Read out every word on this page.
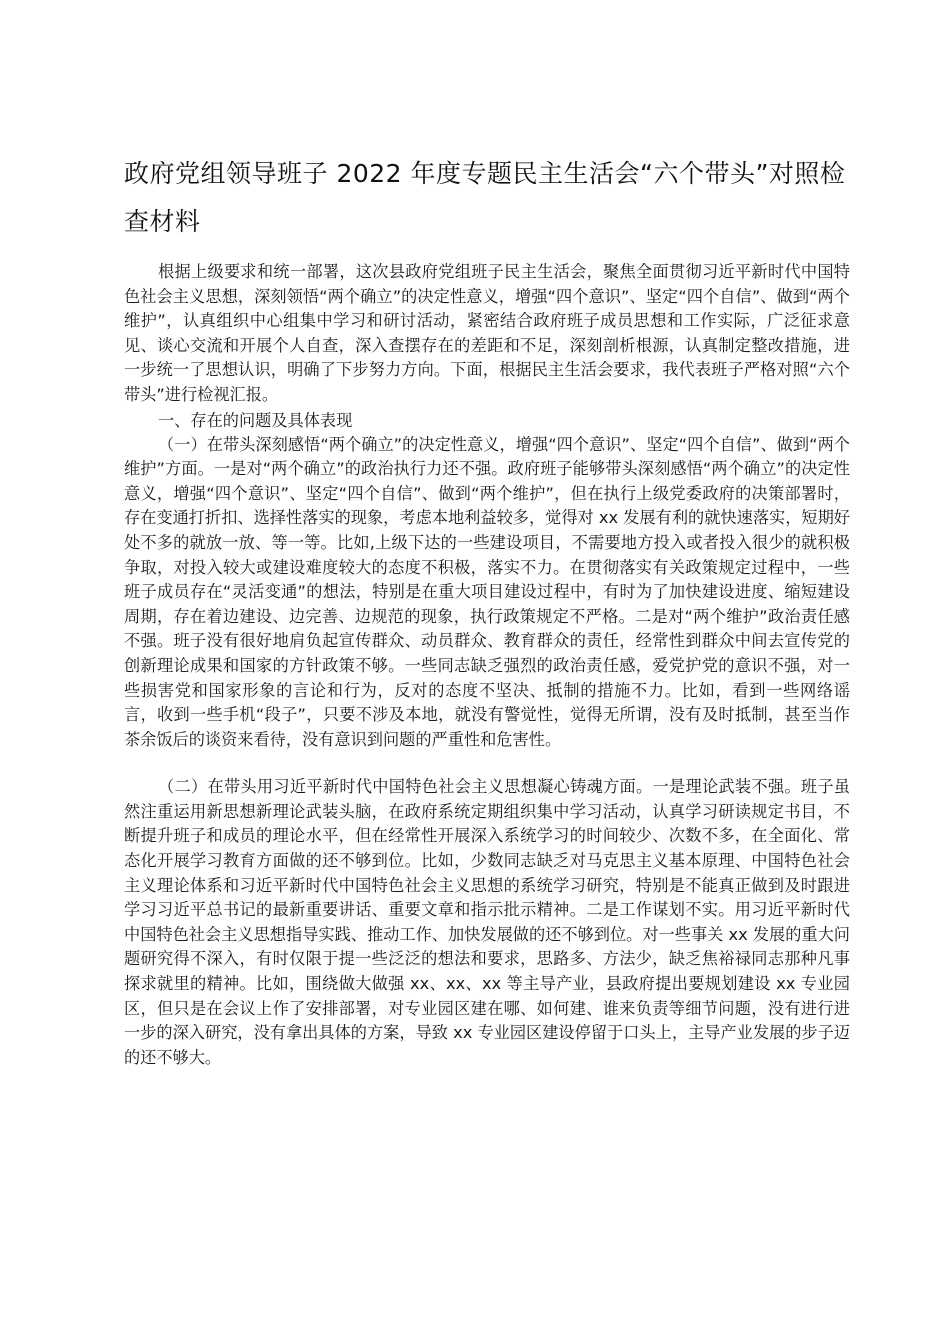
政府党组领导班子 2022 年度专题民主生活会“六个带头”对照检查材料

根据上级要求和统一部署，这次县政府党组班子民主生活会，聚焦全面贯彻习近平新时代中国特色社会主义思想，深刻领悟“两个确立”的决定性意义，增强“四个意识”、坚定“四个自信”、做到“两个维护”，认真组织中心组集中学习和研讨活动，紧密结合政府班子成员思想和工作实际，广泛征求意见、谈心交流和开展个人自查，深入查摆存在的差距和不足，深刻剖析根源，认真制定整改措施，进一步统一了思想认识，明确了下步努力方向。下面，根据民主生活会要求，我代表班子严格对照“六个带头”进行检视汇报。

一、存在的问题及具体表现

（一）在带头深刻感悟“两个确立”的决定性意义，增强“四个意识”、坚定“四个自信”、做到“两个维护”方面。一是对“两个确立”的政治执行力还不强。政府班子能够带头深刻感悟“两个确立”的决定性意义，增强“四个意识”、坚定“四个自信”、做到“两个维护”，但在执行上级党委政府的决策部署时，存在变通打折扣、选择性落实的现象，考虑本地利益较多，觉得对 xx 发展有利的就快速落实，短期好处不多的就放一放、等一等。比如,上级下达的一些建设项目，不需要地方投入或者投入很少的就积极争取，对投入较大或建设难度较大的态度不积极，落实不力。在贯彻落实有关政策规定过程中，一些班子成员存在“灵活变通”的想法，特别是在重大项目建设过程中，有时为了加快建设进度、缩短建设周期，存在着边建设、边完善、边规范的现象，执行政策规定不严格。二是对“两个维护”政治责任感不强。班子没有很好地肩负起宣传群众、动员群众、教育群众的责任，经常性到群众中间去宣传党的创新理论成果和国家的方针政策不够。一些同志缺乏强烈的政治责任感，爱党护党的意识不强，对一些损害党和国家形象的言论和行为，反对的态度不坚决、抵制的措施不力。比如，看到一些网络谣言，收到一些手机“段子”，只要不涉及本地，就没有警觉性，觉得无所谓，没有及时抵制，甚至当作茶余饭后的谈资来看待，没有意识到问题的严重性和危害性。

（二）在带头用习近平新时代中国特色社会主义思想凝心铸魂方面。一是理论武装不强。班子虽然注重运用新思想新理论武装头脑，在政府系统定期组织集中学习活动，认真学习研读规定书目，不断提升班子和成员的理论水平，但在经常性开展深入系统学习的时间较少、次数不多，在全面化、常态化开展学习教育方面做的还不够到位。比如，少数同志缺乏对马克思主义基本原理、中国特色社会主义理论体系和习近平新时代中国特色社会主义思想的系统学习研究，特别是不能真正做到及时跟进学习习近平总书记的最新重要讲话、重要文章和指示批示精神。二是工作谋划不实。用习近平新时代中国特色社会主义思想指导实践、推动工作、加快发展做的还不够到位。对一些事关 xx 发展的重大问题研究得不深入，有时仅限于提一些泛泛的想法和要求，思路多、方法少，缺乏焦裕禄同志那种凡事探求就里的精神。比如，围绕做大做强 xx、xx、xx 等主导产业，县政府提出要规划建设 xx 专业园区，但只是在会议上作了安排部署，对专业园区建在哪、如何建、谁来负责等细节问题，没有进行进一步的深入研究，没有拿出具体的方案，导致 xx 专业园区建设停留于口头上，主导产业发展的步子迈的还不够大。
